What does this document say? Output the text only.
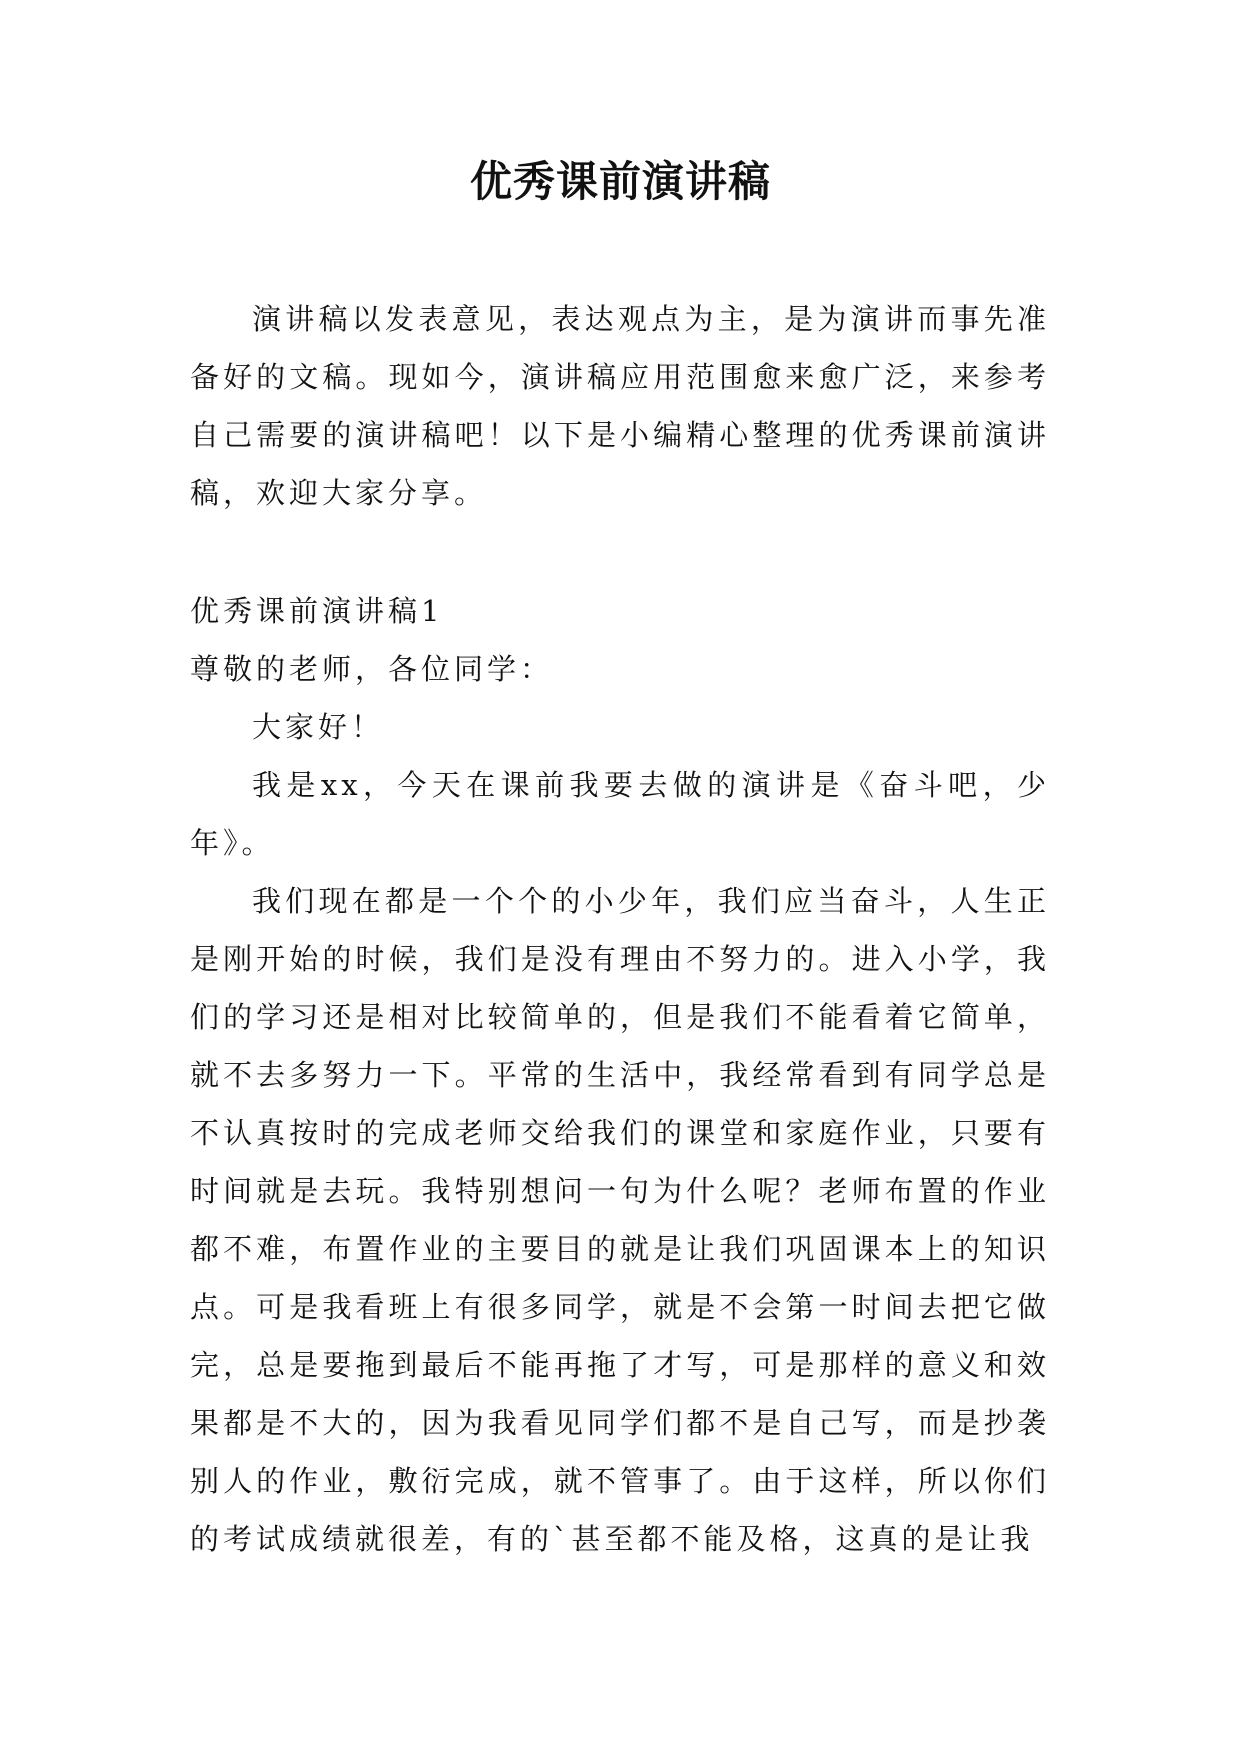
优秀课前演讲稿

演讲稿以发表意见，表达观点为主，是为演讲而事先准备好的文稿。现如今，演讲稿应用范围愈来愈广泛，来参考自己需要的演讲稿吧！以下是小编精心整理的优秀课前演讲稿，欢迎大家分享。

优秀课前演讲稿1

尊敬的老师，各位同学：

大家好！

我是xx，今天在课前我要去做的演讲是《奋斗吧，少年》。

我们现在都是一个个的小少年，我们应当奋斗，人生正是刚开始的时候，我们是没有理由不努力的。进入小学，我们的学习还是相对比较简单的，但是我们不能看着它简单，就不去多努力一下。平常的生活中，我经常看到有同学总是不认真按时的完成老师交给我们的课堂和家庭作业，只要有时间就是去玩。我特别想问一句为什么呢？老师布置的作业都不难，布置作业的主要目的就是让我们巩固课本上的知识点。可是我看班上有很多同学，就是不会第一时间去把它做完，总是要拖到最后不能再拖了才写，可是那样的意义和效果都是不大的，因为我看见同学们都不是自己写，而是抄袭别人的作业，敷衍完成，就不管事了。由于这样，所以你们的考试成绩就很差，有的`甚至都不能及格，这真的是让我
